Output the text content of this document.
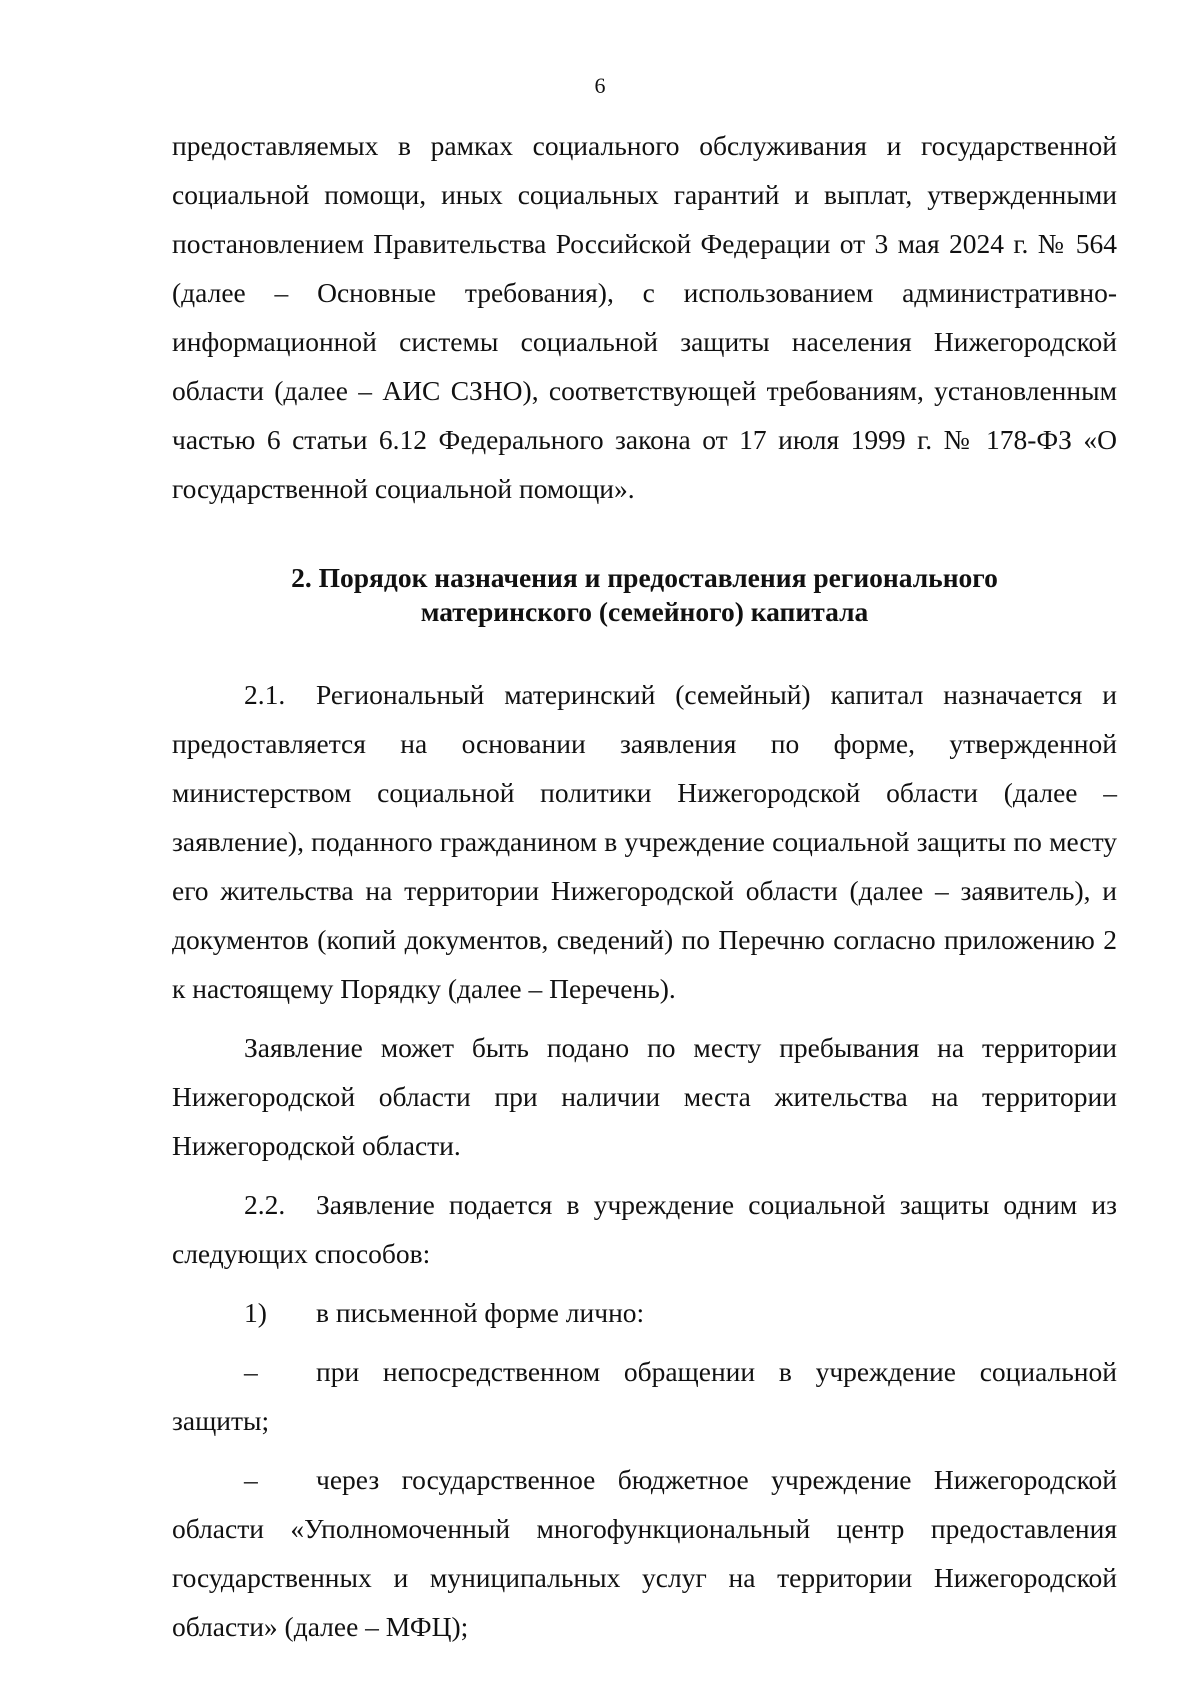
6

предоставляемых в рамках социального обслуживания и государственной социальной помощи, иных социальных гарантий и выплат, утвержденными постановлением Правительства Российской Федерации от 3 мая 2024 г. № 564 (далее – Основные требования), с использованием административно-информационной системы социальной защиты населения Нижегородской области (далее – АИС СЗНО), соответствующей требованиям, установленным частью 6 статьи 6.12 Федерального закона от 17 июля 1999 г. № 178-ФЗ «О государственной социальной помощи».

2. Порядок назначения и предоставления регионального
материнского (семейного) капитала

2.1. Региональный материнский (семейный) капитал назначается и предоставляется на основании заявления по форме, утвержденной министерством социальной политики Нижегородской области (далее – заявление), поданного гражданином в учреждение социальной защиты по месту его жительства на территории Нижегородской области (далее – заявитель), и документов (копий документов, сведений) по Перечню согласно приложению 2 к настоящему Порядку (далее – Перечень).

Заявление может быть подано по месту пребывания на территории Нижегородской области при наличии места жительства на территории Нижегородской области.

2.2. Заявление подается в учреждение социальной защиты одним из следующих способов:

1) в письменной форме лично:

– при непосредственном обращении в учреждение социальной защиты;

– через государственное бюджетное учреждение Нижегородской области «Уполномоченный многофункциональный центр предоставления государственных и муниципальных услуг на территории Нижегородской области» (далее – МФЦ);
